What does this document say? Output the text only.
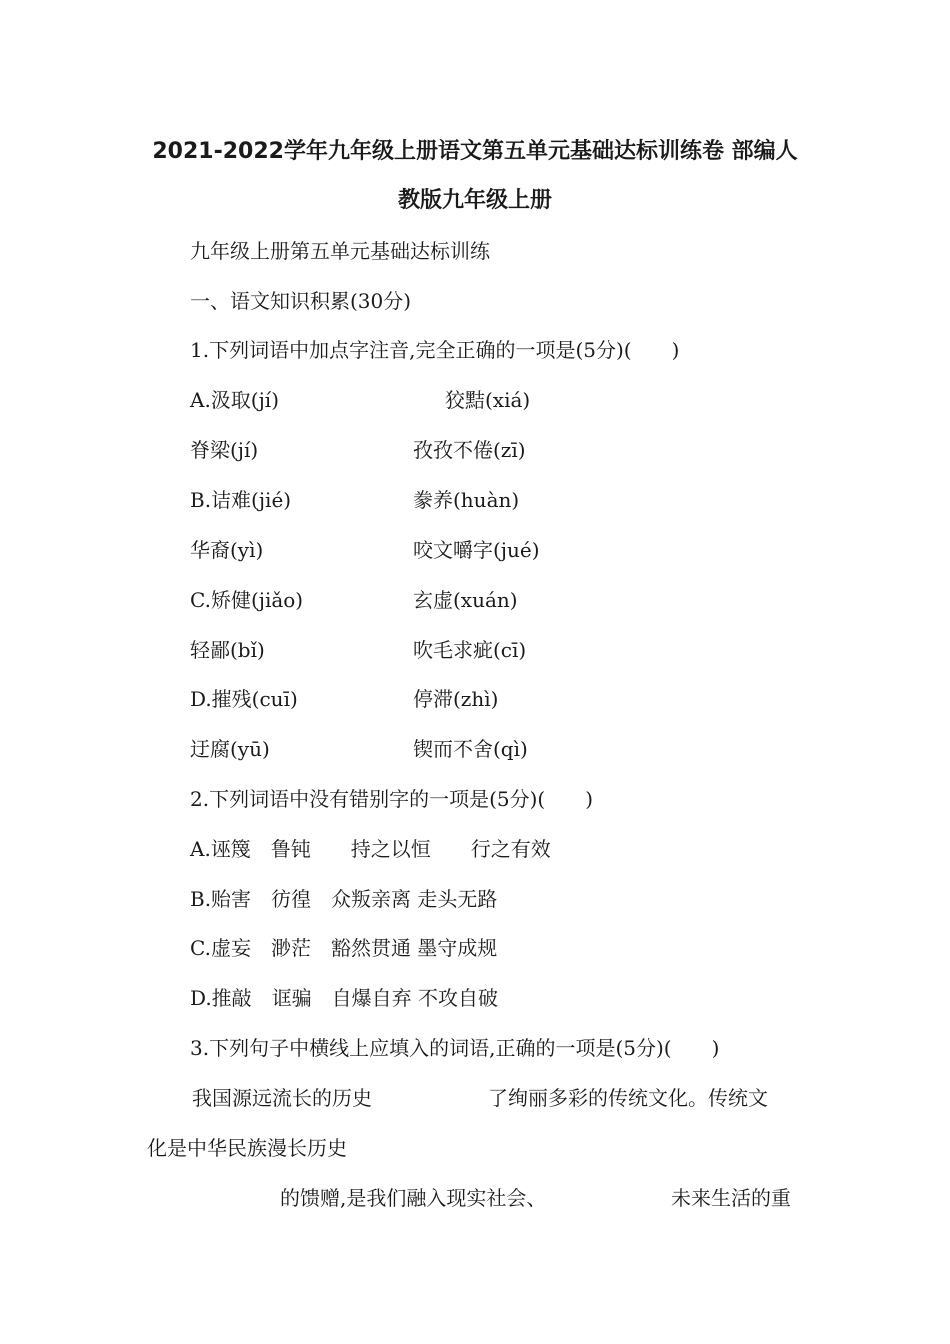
2021-2022学年九年级上册语文第五单元基础达标训练卷 部编人
教版九年级上册
九年级上册第五单元基础达标训练
一、语文知识积累(30分)
1.下列词语中加点字注音,完全正确的一项是(5分)(　　)
A.汲取(jí)	狡黠(xiá)
脊梁(jí)	孜孜不倦(zī)
B.诘难(jié)	豢养(huàn)
华裔(yì)	咬文嚼字(jué)
C.矫健(jiǎo)	玄虚(xuán)
轻鄙(bǐ)	吹毛求疵(cī)
D.摧残(cuī)	停滞(zhì)
迂腐(yū)	锲而不舍(qì)
2.下列词语中没有错别字的一项是(5分)(　　)
A.诬篾　鲁钝　　持之以恒　　行之有效
B.贻害　彷徨　众叛亲离 走头无路
C.虚妄　渺茫　豁然贯通 墨守成规
D.推敲　诓骗　自爆自弃 不攻自破
3.下列句子中横线上应填入的词语,正确的一项是(5分)(　　)
我国源远流长的历史	了绚丽多彩的传统文化。传统文
化是中华民族漫长历史
的馈赠,是我们融入现实社会、	未来生活的重
